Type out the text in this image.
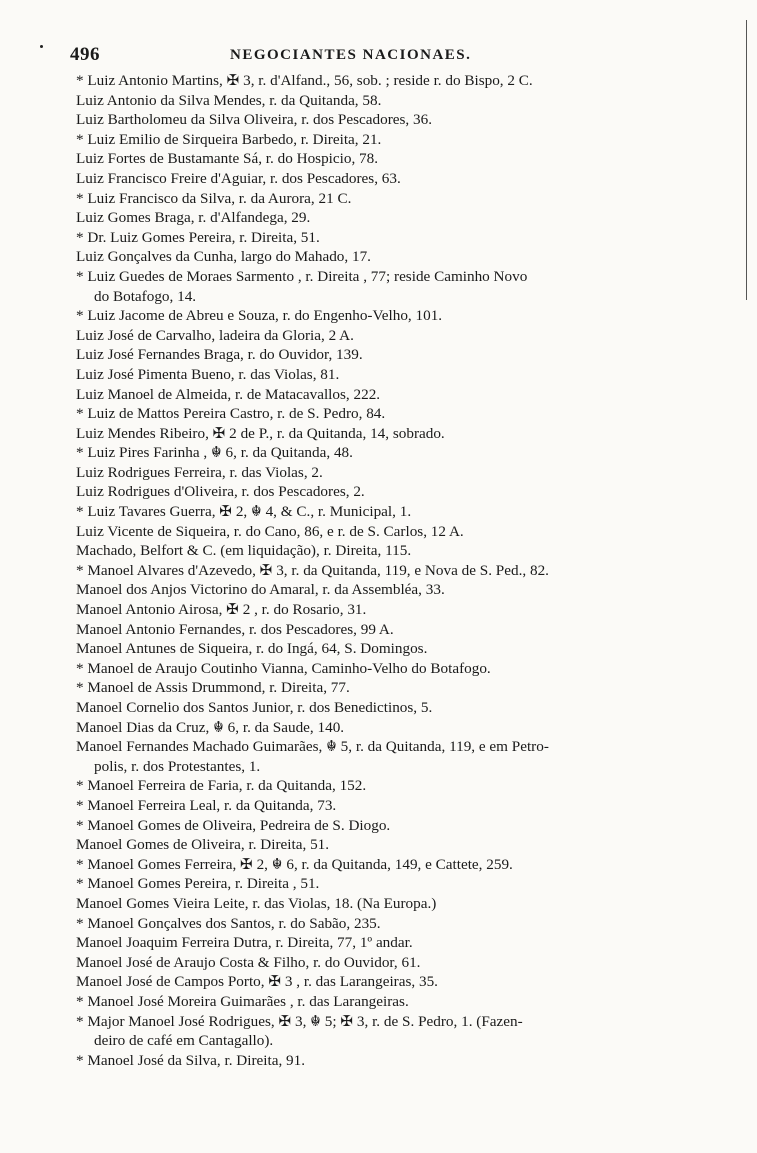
496	NEGOCIANTES NACIONAES.
* Luiz Antonio Martins, ✠ 3, r. d'Alfand., 56, sob. ; reside r. do Bispo, 2 C.
Luiz Antonio da Silva Mendes, r. da Quitanda, 58.
Luiz Bartholomeu da Silva Oliveira, r. dos Pescadores, 36.
* Luiz Emilio de Sirqueira Barbedo, r. Direita, 21.
Luiz Fortes de Bustamante Sá, r. do Hospicio, 78.
Luiz Francisco Freire d'Aguiar, r. dos Pescadores, 63.
* Luiz Francisco da Silva, r. da Aurora, 21 C.
Luiz Gomes Braga, r. d'Alfandega, 29.
* Dr. Luiz Gomes Pereira, r. Direita, 51.
Luiz Gonçalves da Cunha, largo do Mahado, 17.
* Luiz Guedes de Moraes Sarmento , r. Direita , 77; reside Caminho Novo
do Botafogo, 14.
* Luiz Jacome de Abreu e Souza, r. do Engenho-Velho, 101.
Luiz José de Carvalho, ladeira da Gloria, 2 A.
Luiz José Fernandes Braga, r. do Ouvidor, 139.
Luiz José Pimenta Bueno, r. das Violas, 81.
Luiz Manoel de Almeida, r. de Matacavallos, 222.
* Luiz de Mattos Pereira Castro, r. de S. Pedro, 84.
Luiz Mendes Ribeiro, ✠ 2 de P., r. da Quitanda, 14, sobrado.
* Luiz Pires Farinha , ☬ 6, r. da Quitanda, 48.
Luiz Rodrigues Ferreira, r. das Violas, 2.
Luiz Rodrigues d'Oliveira, r. dos Pescadores, 2.
* Luiz Tavares Guerra, ✠ 2, ☬ 4, & C., r. Municipal, 1.
Luiz Vicente de Siqueira, r. do Cano, 86, e r. de S. Carlos, 12 A.
Machado, Belfort & C. (em liquidação), r. Direita, 115.
* Manoel Alvares d'Azevedo, ✠ 3, r. da Quitanda, 119, e Nova de S. Ped., 82.
Manoel dos Anjos Victorino do Amaral, r. da Assembléa, 33.
Manoel Antonio Airosa, ✠ 2 , r. do Rosario, 31.
Manoel Antonio Fernandes, r. dos Pescadores, 99 A.
Manoel Antunes de Siqueira, r. do Ingá, 64, S. Domingos.
* Manoel de Araujo Coutinho Vianna, Caminho-Velho do Botafogo.
* Manoel de Assis Drummond, r. Direita, 77.
Manoel Cornelio dos Santos Junior, r. dos Benedictinos, 5.
Manoel Dias da Cruz, ☬ 6, r. da Saude, 140.
Manoel Fernandes Machado Guimarães, ☬ 5, r. da Quitanda, 119, e em Petro-
polis, r. dos Protestantes, 1.
* Manoel Ferreira de Faria, r. da Quitanda, 152.
* Manoel Ferreira Leal, r. da Quitanda, 73.
* Manoel Gomes de Oliveira, Pedreira de S. Diogo.
Manoel Gomes de Oliveira, r. Direita, 51.
* Manoel Gomes Ferreira, ✠ 2, ☬ 6, r. da Quitanda, 149, e Cattete, 259.
* Manoel Gomes Pereira, r. Direita , 51.
Manoel Gomes Vieira Leite, r. das Violas, 18. (Na Europa.)
* Manoel Gonçalves dos Santos, r. do Sabão, 235.
Manoel Joaquim Ferreira Dutra, r. Direita, 77, 1º andar.
Manoel José de Araujo Costa & Filho, r. do Ouvidor, 61.
Manoel José de Campos Porto, ✠ 3 , r. das Larangeiras, 35.
* Manoel José Moreira Guimarães , r. das Larangeiras.
* Major Manoel José Rodrigues, ✠ 3, ☬ 5; ✠ 3, r. de S. Pedro, 1. (Fazen-
deiro de café em Cantagallo).
* Manoel José da Silva, r. Direita, 91.
